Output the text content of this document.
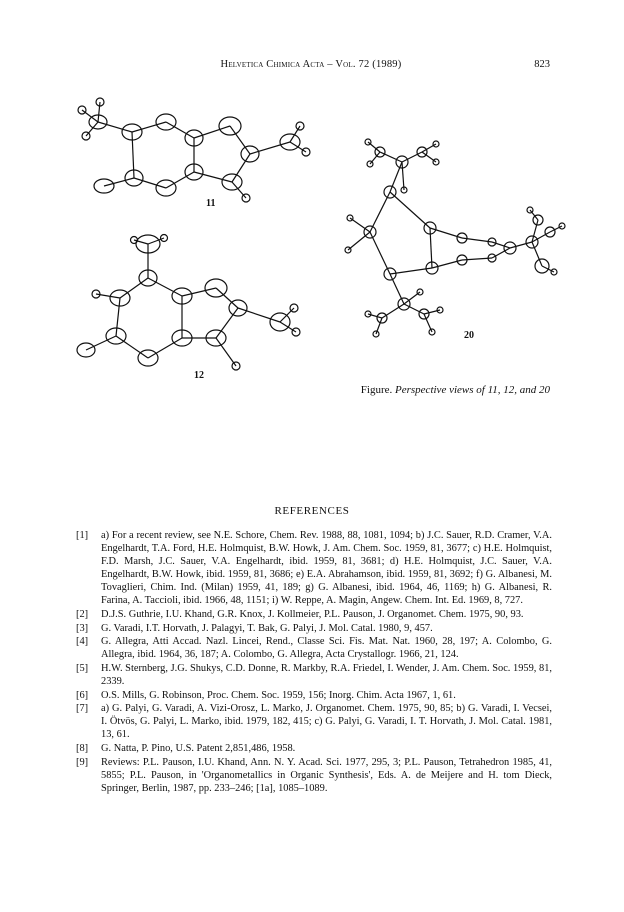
Helvetica Chimica Acta – Vol. 72 (1989)	823
11
12
20
Figure. Perspective views of 11, 12, and 20
REFERENCES
[1] a) For a recent review, see N.E. Schore, Chem. Rev. 1988, 88, 1081, 1094; b) J.C. Sauer, R.D. Cramer, V.A. Engelhardt, T.A. Ford, H.E. Holmquist, B.W. Howk, J. Am. Chem. Soc. 1959, 81, 3677; c) H.E. Holmquist, F.D. Marsh, J.C. Sauer, V.A. Engelhardt, ibid. 1959, 81, 3681; d) H.E. Holmquist, J.C. Sauer, V.A. Engelhardt, B.W. Howk, ibid. 1959, 81, 3686; e) E.A. Abrahamson, ibid. 1959, 81, 3692; f) G. Albanesi, M. Tovaglieri, Chim. Ind. (Milan) 1959, 41, 189; g) G. Albanesi, ibid. 1964, 46, 1169; h) G. Albanesi, R. Farina, A. Taccioli, ibid. 1966, 48, 1151; i) W. Reppe, A. Magin, Angew. Chem. Int. Ed. 1969, 8, 727.
[2] D.J.S. Guthrie, I.U. Khand, G.R. Knox, J. Kollmeier, P.L. Pauson, J. Organomet. Chem. 1975, 90, 93.
[3] G. Varadi, I.T. Horvath, J. Palagyi, T. Bak, G. Palyi, J. Mol. Catal. 1980, 9, 457.
[4] G. Allegra, Atti Accad. Nazl. Lincei, Rend., Classe Sci. Fis. Mat. Nat. 1960, 28, 197; A. Colombo, G. Allegra, ibid. 1964, 36, 187; A. Colombo, G. Allegra, Acta Crystallogr. 1966, 21, 124.
[5] H.W. Sternberg, J.G. Shukys, C.D. Donne, R. Markby, R.A. Friedel, I. Wender, J. Am. Chem. Soc. 1959, 81, 2339.
[6] O.S. Mills, G. Robinson, Proc. Chem. Soc. 1959, 156; Inorg. Chim. Acta 1967, 1, 61.
[7] a) G. Palyi, G. Varadi, A. Vizi-Orosz, L. Marko, J. Organomet. Chem. 1975, 90, 85; b) G. Varadi, I. Vecsei, I. Ötvös, G. Palyi, L. Marko, ibid. 1979, 182, 415; c) G. Palyi, G. Varadi, I. T. Horvath, J. Mol. Catal. 1981, 13, 61.
[8] G. Natta, P. Pino, U.S. Patent 2,851,486, 1958.
[9] Reviews: P.L. Pauson, I.U. Khand, Ann. N. Y. Acad. Sci. 1977, 295, 3; P.L. Pauson, Tetrahedron 1985, 41, 5855; P.L. Pauson, in 'Organometallics in Organic Synthesis', Eds. A. de Meijere and H. tom Dieck, Springer, Berlin, 1987, pp. 233–246; [1a], 1085–1089.
